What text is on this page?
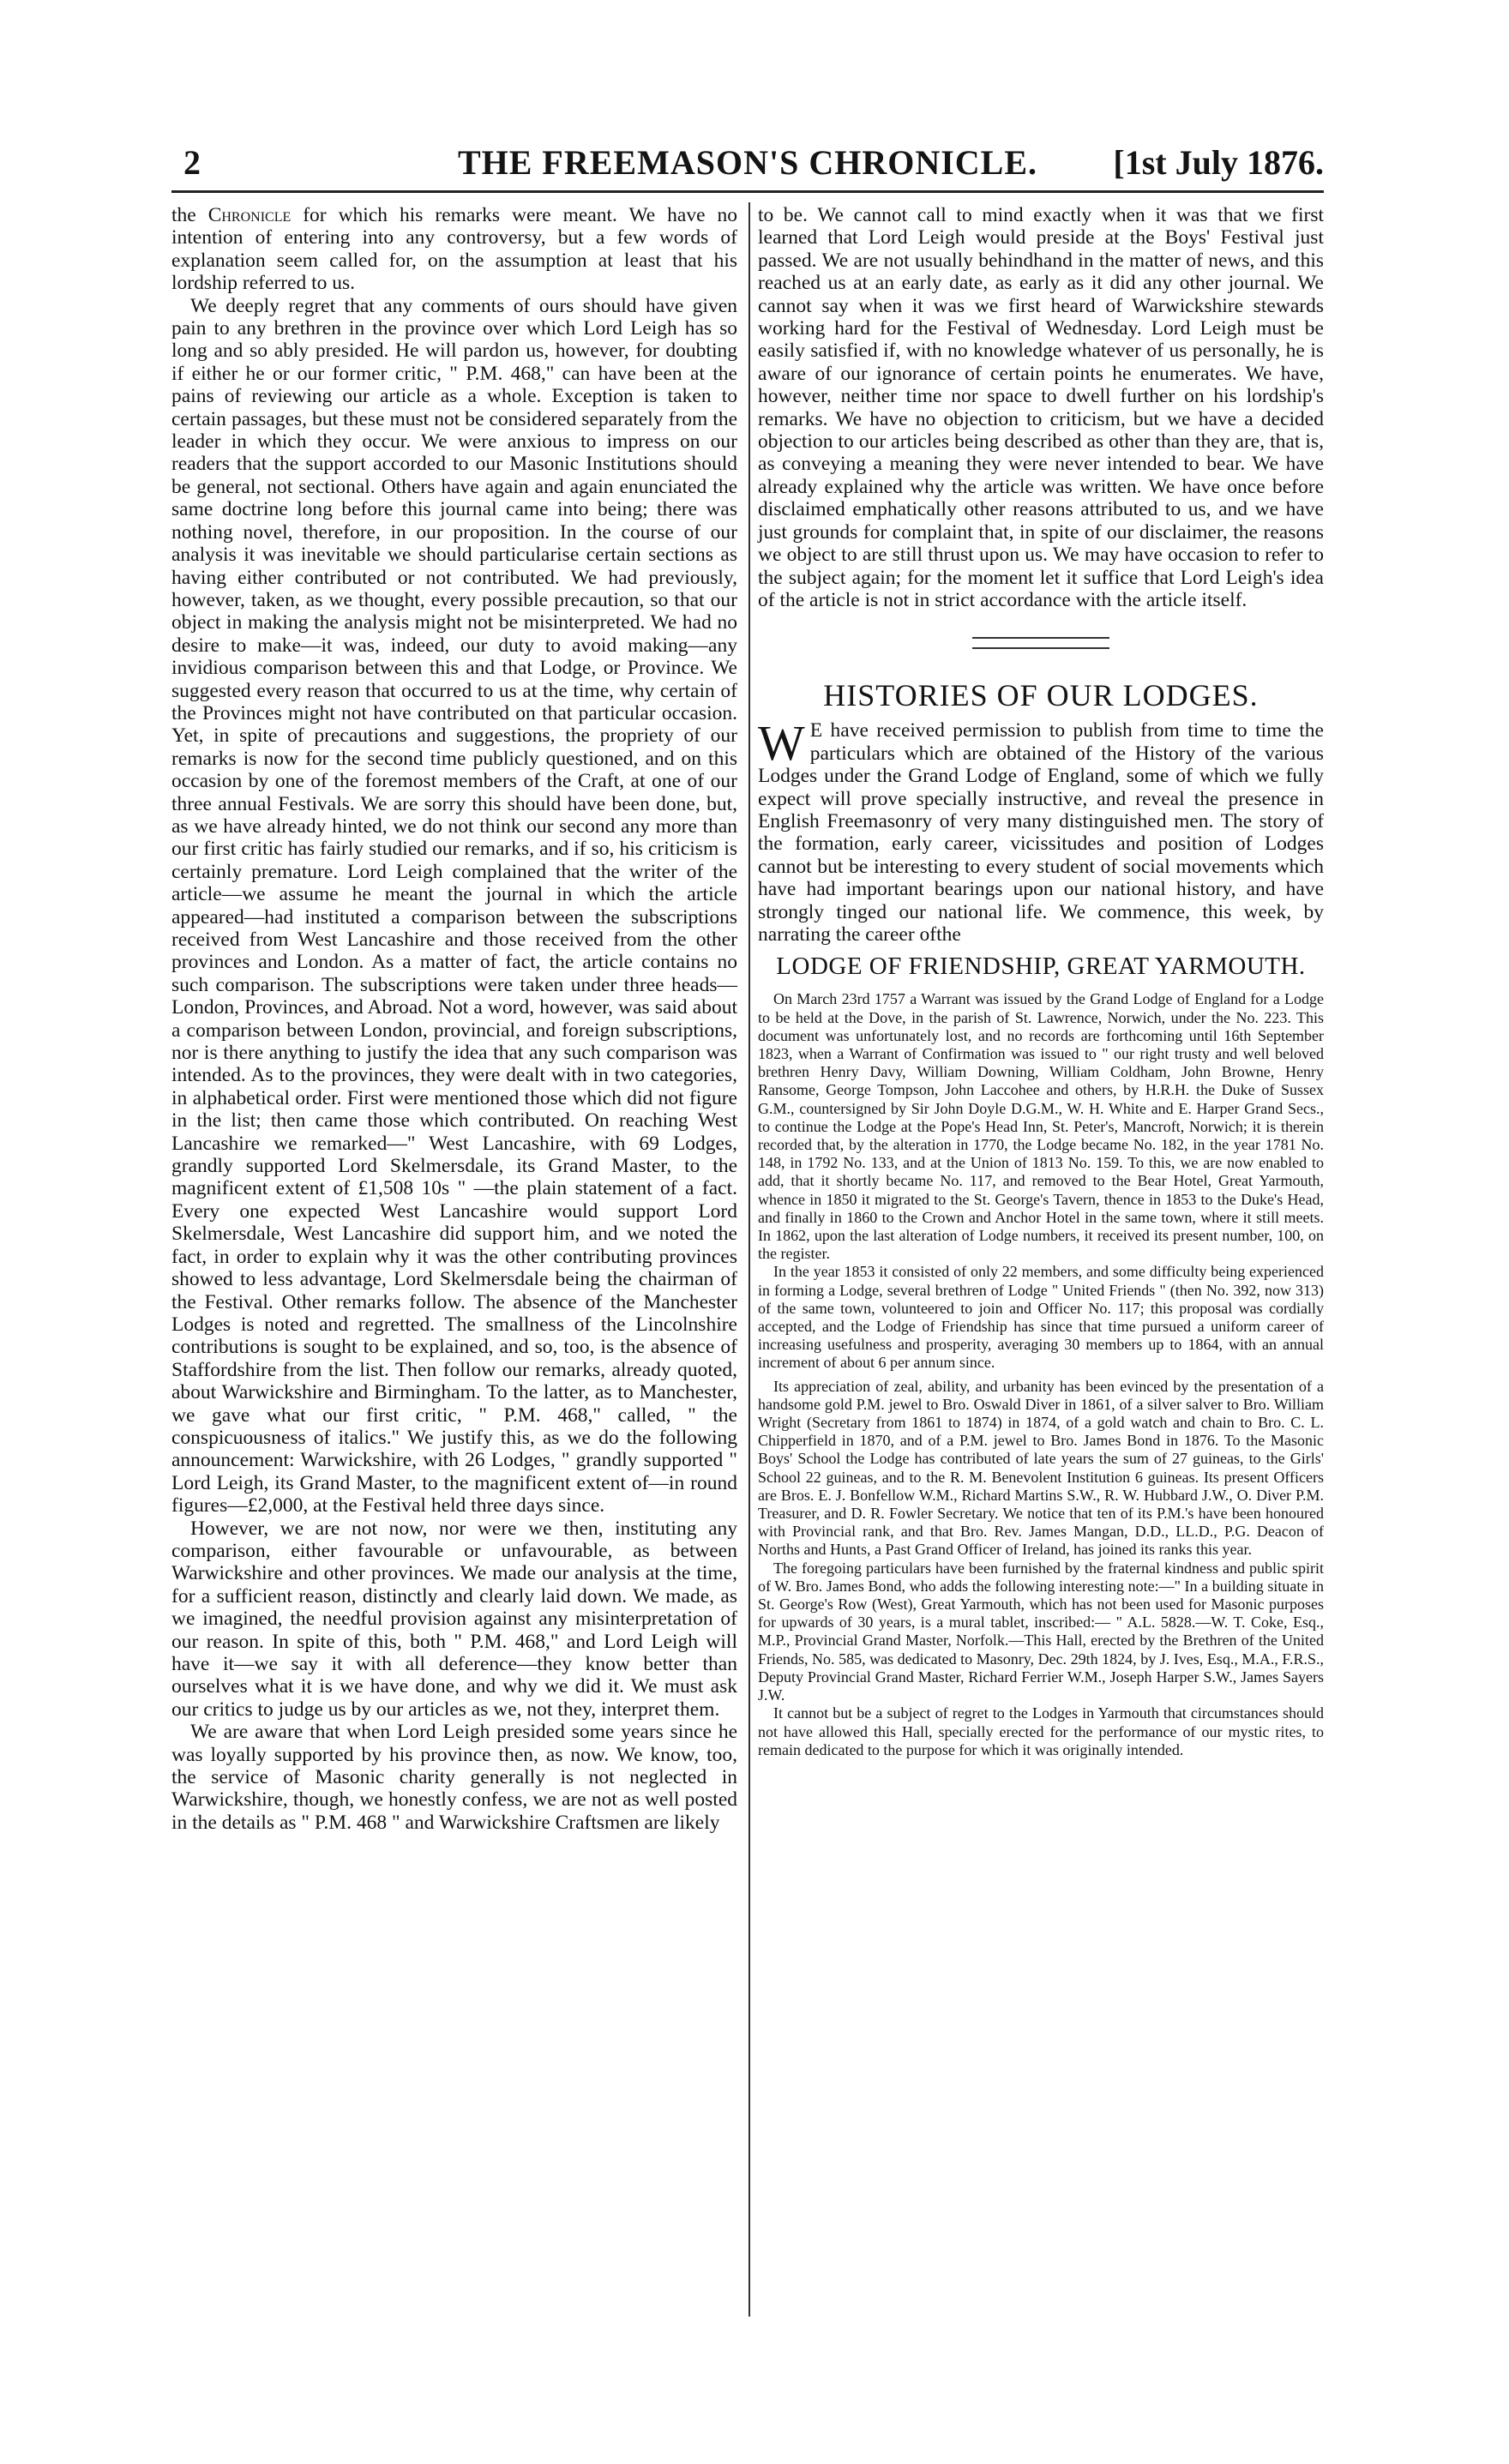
2	THE FREEMASON'S CHRONICLE.	[1st July 1876.

the Chronicle for which his remarks were meant. We have no intention of entering into any controversy, but a few words of explanation seem called for, on the assumption at least that his lordship referred to us.

We deeply regret that any comments of ours should have given pain to any brethren in the province over which Lord Leigh has so long and so ably presided. He will pardon us, however, for doubting if either he or our former critic, " P.M. 468," can have been at the pains of reviewing our article as a whole. Exception is taken to certain passages, but these must not be considered separately from the leader in which they occur. We were anxious to impress on our readers that the support accorded to our Masonic Institutions should be general, not sectional. Others have again and again enunciated the same doctrine long before this journal came into being; there was nothing novel, therefore, in our proposition. In the course of our analysis it was inevitable we should particularise certain sections as having either contributed or not contributed. We had previously, however, taken, as we thought, every possible precaution, so that our object in making the analysis might not be misinterpreted. We had no desire to make—it was, indeed, our duty to avoid making—any invidious comparison between this and that Lodge, or Province. We suggested every reason that occurred to us at the time, why certain of the Provinces might not have contributed on that particular occasion. Yet, in spite of precautions and suggestions, the propriety of our remarks is now for the second time publicly questioned, and on this occasion by one of the foremost members of the Craft, at one of our three annual Festivals. We are sorry this should have been done, but, as we have already hinted, we do not think our second any more than our first critic has fairly studied our remarks, and if so, his criticism is certainly premature. Lord Leigh complained that the writer of the article—we assume he meant the journal in which the article appeared—had instituted a comparison between the subscriptions received from West Lancashire and those received from the other provinces and London. As a matter of fact, the article contains no such comparison. The subscriptions were taken under three heads—London, Provinces, and Abroad. Not a word, however, was said about a comparison between London, provincial, and foreign subscriptions, nor is there anything to justify the idea that any such comparison was intended. As to the provinces, they were dealt with in two categories, in alphabetical order. First were mentioned those which did not figure in the list; then came those which contributed. On reaching West Lancashire we remarked—" West Lancashire, with 69 Lodges, grandly supported Lord Skelmersdale, its Grand Master, to the magnificent extent of £1,508 10s " —the plain statement of a fact. Every one expected West Lancashire would support Lord Skelmersdale, West Lancashire did support him, and we noted the fact, in order to explain why it was the other contributing provinces showed to less advantage, Lord Skelmersdale being the chairman of the Festival. Other remarks follow. The absence of the Manchester Lodges is noted and regretted. The smallness of the Lincolnshire contributions is sought to be explained, and so, too, is the absence of Staffordshire from the list. Then follow our remarks, already quoted, about Warwickshire and Birmingham. To the latter, as to Manchester, we gave what our first critic, " P.M. 468," called, " the conspicuousness of italics." We justify this, as we do the following announcement: Warwickshire, with 26 Lodges, " grandly supported " Lord Leigh, its Grand Master, to the magnificent extent of—in round figures—£2,000, at the Festival held three days since.

However, we are not now, nor were we then, instituting any comparison, either favourable or unfavourable, as between Warwickshire and other provinces. We made our analysis at the time, for a sufficient reason, distinctly and clearly laid down. We made, as we imagined, the needful provision against any misinterpretation of our reason. In spite of this, both " P.M. 468," and Lord Leigh will have it—we say it with all deference—they know better than ourselves what it is we have done, and why we did it. We must ask our critics to judge us by our articles as we, not they, interpret them.

We are aware that when Lord Leigh presided some years since he was loyally supported by his province then, as now. We know, too, the service of Masonic charity generally is not neglected in Warwickshire, though, we honestly confess, we are not as well posted in the details as " P.M. 468 " and Warwickshire Craftsmen are likely

to be. We cannot call to mind exactly when it was that we first learned that Lord Leigh would preside at the Boys' Festival just passed. We are not usually behindhand in the matter of news, and this reached us at an early date, as early as it did any other journal. We cannot say when it was we first heard of Warwickshire stewards working hard for the Festival of Wednesday. Lord Leigh must be easily satisfied if, with no knowledge whatever of us personally, he is aware of our ignorance of certain points he enumerates. We have, however, neither time nor space to dwell further on his lordship's remarks. We have no objection to criticism, but we have a decided objection to our articles being described as other than they are, that is, as conveying a meaning they were never intended to bear. We have already explained why the article was written. We have once before disclaimed emphatically other reasons attributed to us, and we have just grounds for complaint that, in spite of our disclaimer, the reasons we object to are still thrust upon us. We may have occasion to refer to the subject again; for the moment let it suffice that Lord Leigh's idea of the article is not in strict accordance with the article itself.

HISTORIES OF OUR LODGES.

W E have received permission to publish from time to time the particulars which are obtained of the History of the various Lodges under the Grand Lodge of England, some of which we fully expect will prove specially instructive, and reveal the presence in English Freemasonry of very many distinguished men. The story of the formation, early career, vicissitudes and position of Lodges cannot but be interesting to every student of social movements which have had important bearings upon our national history, and have strongly tinged our national life. We commence, this week, by narrating the career ofthe

LODGE OF FRIENDSHIP, GREAT YARMOUTH.

On March 23rd 1757 a Warrant was issued by the Grand Lodge of England for a Lodge to be held at the Dove, in the parish of St. Lawrence, Norwich, under the No. 223. This document was unfortunately lost, and no records are forthcoming until 16th September 1823, when a Warrant of Confirmation was issued to " our right trusty and well beloved brethren Henry Davy, William Downing, William Coldham, John Browne, Henry Ransome, George Tompson, John Laccohee and others, by H.R.H. the Duke of Sussex G.M., countersigned by Sir John Doyle D.G.M., W. H. White and E. Harper Grand Secs., to continue the Lodge at the Pope's Head Inn, St. Peter's, Mancroft, Norwich; it is therein recorded that, by the alteration in 1770, the Lodge became No. 182, in the year 1781 No. 148, in 1792 No. 133, and at the Union of 1813 No. 159. To this, we are now enabled to add, that it shortly became No. 117, and removed to the Bear Hotel, Great Yarmouth, whence in 1850 it migrated to the St. George's Tavern, thence in 1853 to the Duke's Head, and finally in 1860 to the Crown and Anchor Hotel in the same town, where it still meets. In 1862, upon the last alteration of Lodge numbers, it received its present number, 100, on the register.

In the year 1853 it consisted of only 22 members, and some difficulty being experienced in forming a Lodge, several brethren of Lodge " United Friends " (then No. 392, now 313) of the same town, volunteered to join and Officer No. 117; this proposal was cordially accepted, and the Lodge of Friendship has since that time pursued a uniform career of increasing usefulness and prosperity, averaging 30 members up to 1864, with an annual increment of about 6 per annum since.

Its appreciation of zeal, ability, and urbanity has been evinced by the presentation of a handsome gold P.M. jewel to Bro. Oswald Diver in 1861, of a silver salver to Bro. William Wright (Secretary from 1861 to 1874) in 1874, of a gold watch and chain to Bro. C. L. Chipperfield in 1870, and of a P.M. jewel to Bro. James Bond in 1876. To the Masonic Boys' School the Lodge has contributed of late years the sum of 27 guineas, to the Girls' School 22 guineas, and to the R. M. Benevolent Institution 6 guineas. Its present Officers are Bros. E. J. Bonfellow W.M., Richard Martins S.W., R. W. Hubbard J.W., O. Diver P.M. Treasurer, and D. R. Fowler Secretary. We notice that ten of its P.M.'s have been honoured with Provincial rank, and that Bro. Rev. James Mangan, D.D., LL.D., P.G. Deacon of Norths and Hunts, a Past Grand Officer of Ireland, has joined its ranks this year.

The foregoing particulars have been furnished by the fraternal kindness and public spirit of W. Bro. James Bond, who adds the following interesting note:—" In a building situate in St. George's Row (West), Great Yarmouth, which has not been used for Masonic purposes for upwards of 30 years, is a mural tablet, inscribed:— " A.L. 5828.—W. T. Coke, Esq., M.P., Provincial Grand Master, Norfolk.—This Hall, erected by the Brethren of the United Friends, No. 585, was dedicated to Masonry, Dec. 29th 1824, by J. Ives, Esq., M.A., F.R.S., Deputy Provincial Grand Master, Richard Ferrier W.M., Joseph Harper S.W., James Sayers J.W.

It cannot but be a subject of regret to the Lodges in Yarmouth that circumstances should not have allowed this Hall, specially erected for the performance of our mystic rites, to remain dedicated to the purpose for which it was originally intended.
